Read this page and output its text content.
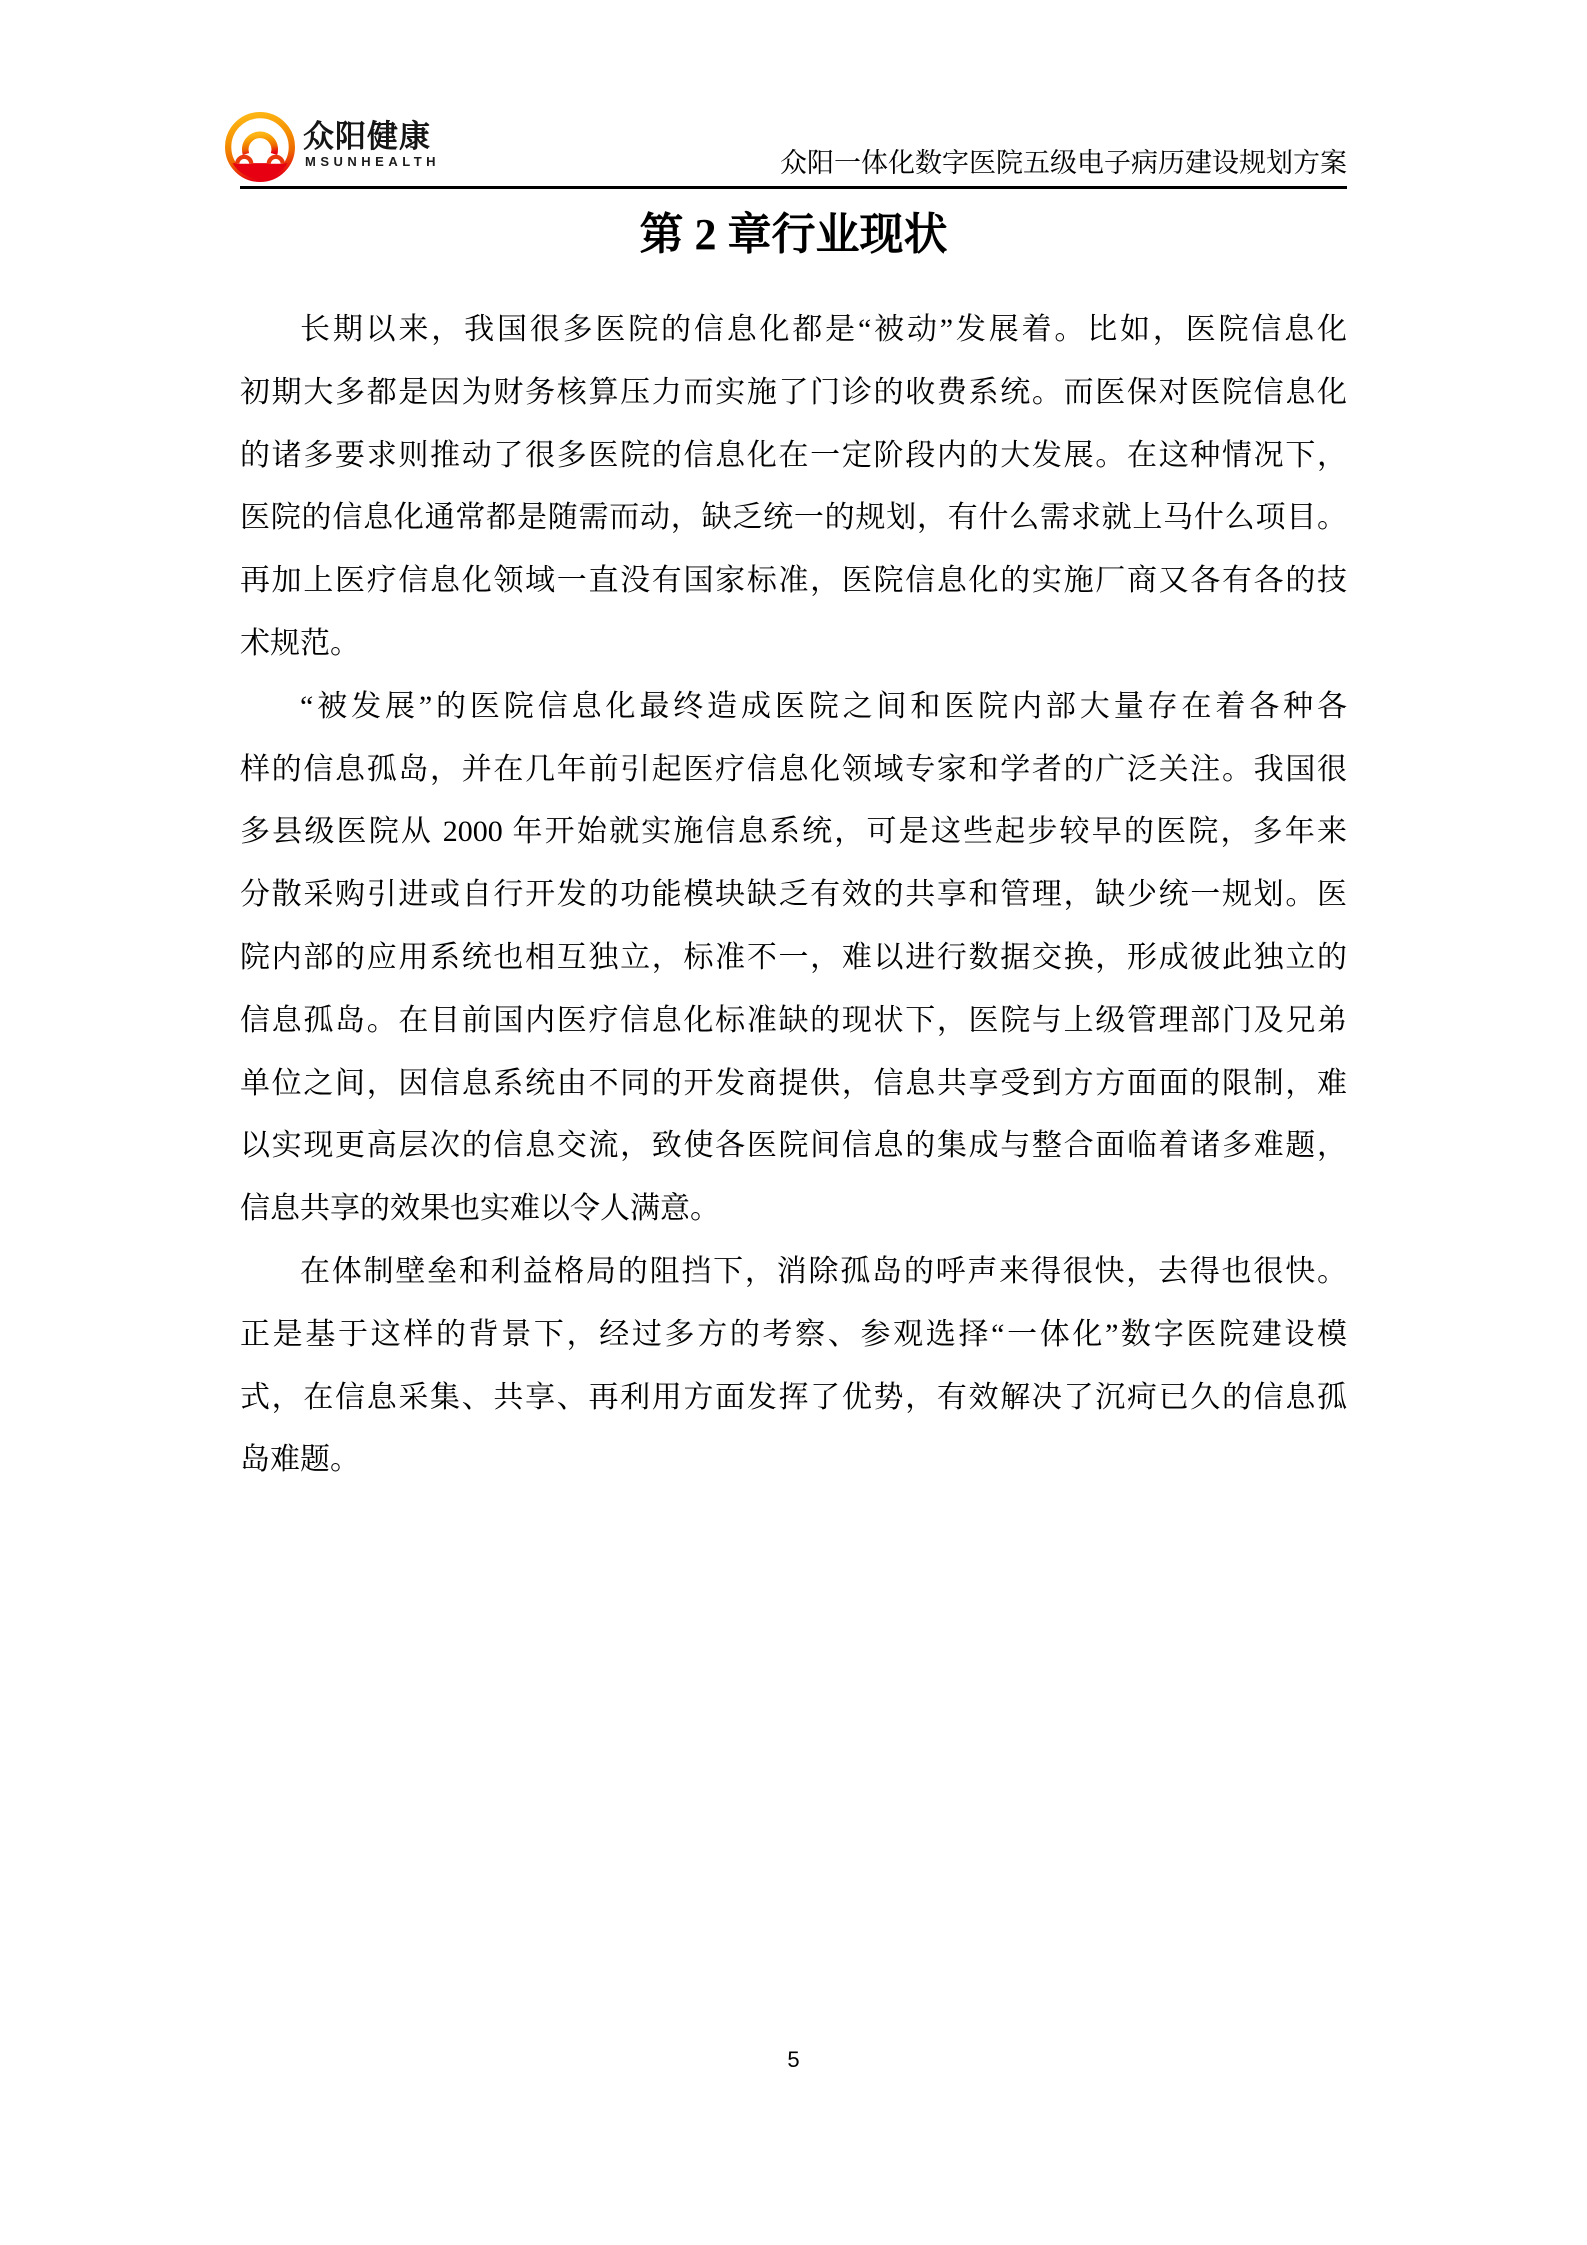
众阳健康
MSUNHEALTH	众阳一体化数字医院五级电子病历建设规划方案
第 2 章行业现状
长期以来，我国很多医院的信息化都是“被动”发展着。比如，医院信息化
初期大多都是因为财务核算压力而实施了门诊的收费系统。而医保对医院信息化
的诸多要求则推动了很多医院的信息化在一定阶段内的大发展。在这种情况下，
医院的信息化通常都是随需而动，缺乏统一的规划，有什么需求就上马什么项目。
再加上医疗信息化领域一直没有国家标准，医院信息化的实施厂商又各有各的技
术规范。
“被发展”的医院信息化最终造成医院之间和医院内部大量存在着各种各
样的信息孤岛，并在几年前引起医疗信息化领域专家和学者的广泛关注。我国很
多县级医院从 2000 年开始就实施信息系统，可是这些起步较早的医院，多年来
分散采购引进或自行开发的功能模块缺乏有效的共享和管理，缺少统一规划。医
院内部的应用系统也相互独立，标准不一，难以进行数据交换，形成彼此独立的
信息孤岛。在目前国内医疗信息化标准缺的现状下，医院与上级管理部门及兄弟
单位之间，因信息系统由不同的开发商提供，信息共享受到方方面面的限制，难
以实现更高层次的信息交流，致使各医院间信息的集成与整合面临着诸多难题，
信息共享的效果也实难以令人满意。
在体制壁垒和利益格局的阻挡下，消除孤岛的呼声来得很快，去得也很快。
正是基于这样的背景下，经过多方的考察、参观选择“一体化”数字医院建设模
式，在信息采集、共享、再利用方面发挥了优势，有效解决了沉疴已久的信息孤
岛难题。
5
